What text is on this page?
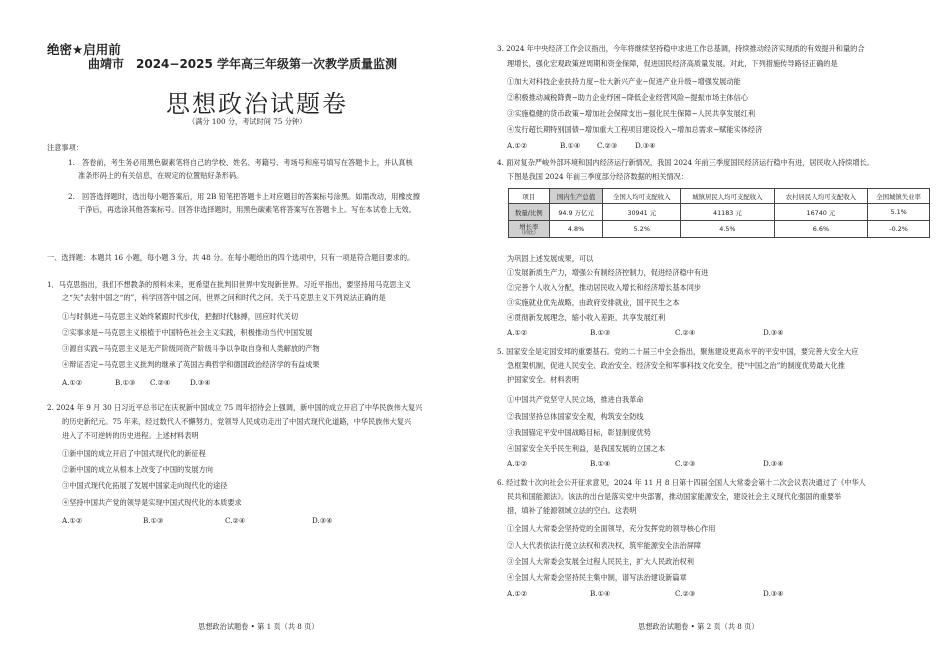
绝密★启用前
曲靖市　2024−2025 学年高三年级第一次教学质量监测
思想政治试题卷
（满分 100 分，考试时间 75 分钟）
注意事项：
1.　答卷前，考生务必用黑色碳素笔将自己的学校、姓名、考籍号、考场号和座号填写在答题卡上，并认真核
准条形码上的有关信息，在规定的位置贴好条形码。
2.　回答选择题时，选出每小题答案后，用 2B 铅笔把答题卡上对应题目的答案标号涂黑。如需改动，用橡皮擦
干净后，再选涂其他答案标号。回答非选择题时，用黑色碳素笔将答案写在答题卡上。写在本试卷上无效。
一、选择题：本题共 16 小题，每小题 3 分，共 48 分。在每小题给出的四个选项中，只有一项是符合题目要求的。
1．马克思指出，我们不想教条的预料未来，更希望在批判旧世界中发现新世界。习近平指出，要坚持用马克思主义
之“矢”去射中国之“的”，科学回答中国之问、世界之问和时代之问。关于马克思主义下列说法正确的是
①与时俱进−马克思主义始终紧跟时代步伐，把握时代脉搏，回应时代关切
②实事求是−马克思主义根植于中国特色社会主义实践，积极推动当代中国发展
③源自实践−马克思主义是无产阶级同资产阶级斗争以争取自身和人类解放的产物
④辩证否定−马克思主义批判的继承了英国古典哲学和德国政治经济学的有益成果
A.①②	B.①③ C.②④	D.③④
2. 2024 年 9 月 30 日习近平总书记在庆祝新中国成立 75 周年招待会上强调，新中国的成立开启了中华民族伟大复兴
的历史新纪元。75 年来，经过数代人不懈努力，党领导人民成功走出了中国式现代化道路，中华民族伟大复兴
进入了不可逆转的历史进程。上述材料表明
①新中国的成立开启了中国式现代化的新征程
②新中国的成立从根本上改变了中国的发展方向
③中国式现代化拓展了发展中国家走向现代化的途径
④坚持中国共产党的领导是实现中国式现代化的本质要求
A.①②	B.①③	C.②④	D.③④
思想政治试题卷 • 第 1 页（共 8 页）
3. 2024 年中央经济工作会议指出，今年将继续坚持稳中求进工作总基调，持续推动经济实现质的有效提升和量的合
理增长，强化宏观政策逆周期和资金保障，促进国民经济高质量发展。对此，下列措施传导路径正确的是
①加大对科技企业扶持力度−壮大新兴产业−促进产业升级−增强发展动能
②积极推动减税降费−助力企业纾困−降低企业经营风险−提振市场主体信心
③实施稳健的货币政策−增加社会保障支出−强化民生保障−人民共享发展红利
④发行超长期特别国债−增加重大工程项目建设投入−增加总需求−赋能实体经济
A.①②	B.①④ C.②③ D.③④
4. 面对复杂严峻外部环境和国内经济运行新情况，我国 2024 年前三季度国民经济运行稳中有进，居民收入持续增长。
下图是我国 2024 年前三季度部分经济数据的相关情况：
项目	国内生产总值	全国人均可支配收入	城镇居民人均可支配收入	农村居民人均可支配收入	全国城镇失业率
数量/比例	94.9 万亿元	30941 元	41183 元	16740 元	5.1%
增长率
（同比）	4.8%	5.2%	4.5%	6.6%	-0.2%
为巩固上述发展成果，可以
①发展新质生产力，增强公有制经济控制力，促进经济稳中有进
②完善个人收入分配，推动居民收入增长和经济增长基本同步
③实施就业优先战略，由政府安排就业，国平民生之本
④贯彻新发展理念，缩小收入差距，共享发展红利
A.①②	B.①③	C.②④	D.③④
5. 国家安全是定国安邦的重要基石。党的二十届三中全会指出，聚焦建设更高水平的平安中国，要完善大安全大应
急框架机制，促进人民安全、政治安全、经济安全和军事科技文化安全，使“中国之治”的制度优势最大化推
护国家安全。材料表明
①中国共产党坚守人民立场，推进自我革命
②我国坚持总体国家安全观，构筑安全防线
③我国锚定平安中国战略目标，彰显制度优势
④国家安全关乎民生利益，是我国发展的立国之本
A.①②	B.①④	C.②③	D.③④
6. 经过数十次向社会公开征求意见，2024 年 11 月 8 日第十四届全国人大常委会第十二次会议表决通过了《中华人
民共和国能源法》。该法的出台是落实党中央部署，推动国家能源安全，建设社会主义现代化强国的重要举
措，填补了能源领域立法的空白。这表明
①全国人大常委会坚持党的全面领导，充分发挥党的领导核心作用
②人大代表依法行使立法权和表决权，筑牢能源安全法治屏障
③全国人大常委会发展全过程人民民主，扩大人民政治权利
④全国人大常委会坚持民主集中制，谱写法治建设新篇章
A.①②	B.①④	C.②③	D.③④
思想政治试题卷 • 第 2 页（共 8 页）
